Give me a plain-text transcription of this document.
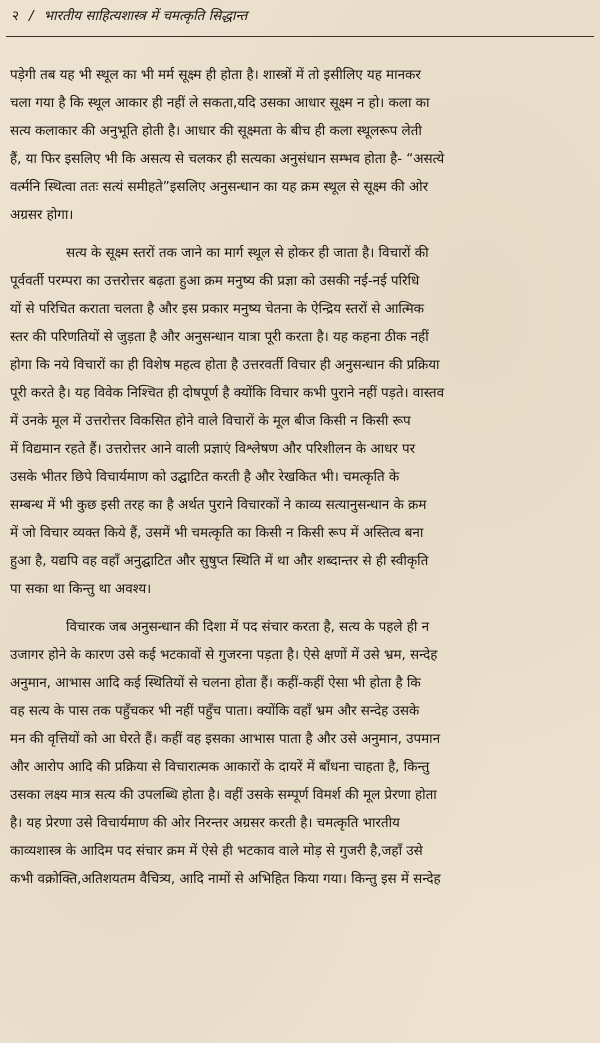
२ / भारतीय साहित्यशास्त्र में चमत्कृति सिद्धान्त
पड़ेगी तब यह भी स्थूल का भी मर्म सूक्ष्म ही होता है। शास्त्रों में तो इसीलिए यह मानकर
चला गया है कि स्थूल आकार ही नहीं ले सकता,यदि उसका आधार सूक्ष्म न हो। कला का
सत्य कलाकार की अनुभूति होती है। आधार की सूक्ष्मता के बीच ही कला स्थूलरूप लेती
हैं, या फिर इसलिए भी कि असत्य से चलकर ही सत्यका अनुसंधान सम्भव होता है- “असत्ये
वर्त्मनि स्थित्वा ततः सत्यं समीहते”इसलिए अनुसन्धान का यह क्रम स्थूल से सूक्ष्म की ओर
अग्रसर होगा।
सत्य के सूक्ष्म स्तरों तक जाने का मार्ग स्थूल से होकर ही जाता है। विचारों की
पूर्ववर्ती परम्परा का उत्तरोत्तर बढ़ता हुआ क्रम मनुष्य की प्रज्ञा को उसकी नई-नई परिधि
यों से परिचित कराता चलता है और इस प्रकार मनुष्य चेतना के ऐन्द्रिय स्तरों से आत्मिक
स्तर की परिणतियों से जुड़ता है और अनुसन्धान यात्रा पूरी करता है। यह कहना ठीक नहीं
होगा कि नये विचारों का ही विशेष महत्व होता है उत्तरवर्ती विचार ही अनुसन्धान की प्रक्रिया
पूरी करते है। यह विवेक निश्चित ही दोषपूर्ण है क्योंकि विचार कभी पुराने नहीं पड़ते। वास्तव
में उनके मूल में उत्तरोत्तर विकसित होने वाले विचारों के मूल बीज किसी न किसी रूप
में विद्यमान रहते हैं। उत्तरोत्तर आने वाली प्रज्ञाएं विश्लेषण और परिशीलन के आधर पर
उसके भीतर छिपे विचार्यमाण को उद्घाटित करती है और रेखकित भी। चमत्कृति के
सम्बन्ध में भी कुछ इसी तरह का है अर्थत पुराने विचारकों ने काव्य सत्यानुसन्धान के क्रम
में जो विचार व्यक्त किये हैं, उसमें भी चमत्कृति का किसी न किसी रूप में अस्तित्व बना
हुआ है, यद्यपि वह वहाँ अनुद्घाटित और सुषुप्त स्थिति में था और शब्दान्तर से ही स्वीकृति
पा सका था किन्तु था अवश्य।
विचारक जब अनुसन्धान की दिशा में पद संचार करता है, सत्य के पहले ही न
उजागर होने के कारण उसे कई भटकावों से गुजरना पड़ता है। ऐसे क्षणों में उसे भ्रम, सन्देह
अनुमान, आभास आदि कई स्थितियों से चलना होता हैं। कहीं-कहीं ऐसा भी होता है कि
वह सत्य के पास तक पहुँचकर भी नहीं पहुँच पाता। क्योंकि वहाँ भ्रम और सन्देह उसके
मन की वृत्तियों को आ घेरते हैं। कहीं वह इसका आभास पाता है और उसे अनुमान, उपमान
और आरोप आदि की प्रक्रिया से विचारात्मक आकारों के दायरें में बाँधना चाहता है, किन्तु
उसका लक्ष्य मात्र सत्य की उपलब्धि होता है। वहीं उसके सम्पूर्ण विमर्श की मूल प्रेरणा होता
है। यह प्रेरणा उसे विचार्यमाण की ओर निरन्तर अग्रसर करती है। चमत्कृति भारतीय
काव्यशास्त्र के आदिम पद संचार क्रम में ऐसे ही भटकाव वाले मोड़ से गुजरी है,जहाँ उसे
कभी वक्रोक्ति,अतिशयतम वैचित्र्य, आदि नामों से अभिहित किया गया। किन्तु इस में सन्देह
